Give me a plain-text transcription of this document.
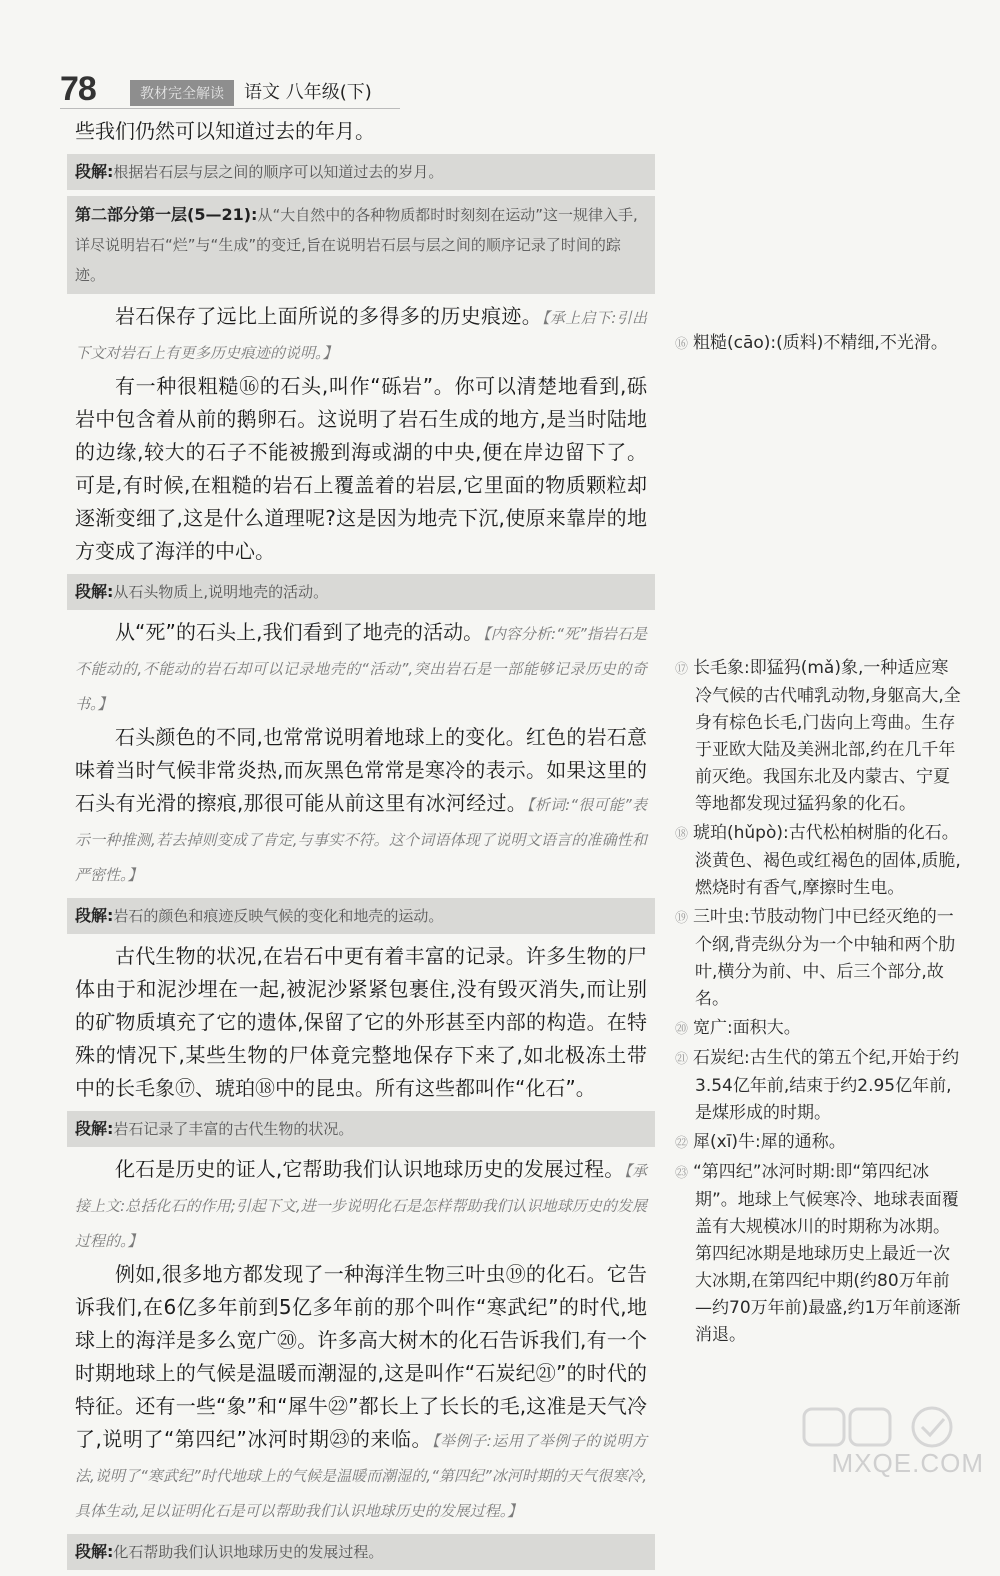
78	教材完全解读	语文 八年级(下)

些我们仍然可以知道过去的年月。

段解:根据岩石层与层之间的顺序可以知道过去的岁月。
第二部分第一层(5—21):从“大自然中的各种物质都时时刻刻在运动”这一规律入手,详尽说明岩石“烂”与“生成”的变迁,旨在说明岩石层与层之间的顺序记录了时间的踪迹。

岩石保存了远比上面所说的多得多的历史痕迹。【承上启下:引出下文对岩石上有更多历史痕迹的说明。】

有一种很粗糙⑯的石头,叫作“砾岩”。你可以清楚地看到,砾岩中包含着从前的鹅卵石。这说明了岩石生成的地方,是当时陆地的边缘,较大的石子不能被搬到海或湖的中央,便在岸边留下了。可是,有时候,在粗糙的岩石上覆盖着的岩层,它里面的物质颗粒却逐渐变细了,这是什么道理呢?这是因为地壳下沉,使原来靠岸的地方变成了海洋的中心。

段解:从石头物质上,说明地壳的活动。

从“死”的石头上,我们看到了地壳的活动。【内容分析:“死”指岩石是不能动的,不能动的岩石却可以记录地壳的“活动”,突出岩石是一部能够记录历史的奇书。】

石头颜色的不同,也常常说明着地球上的变化。红色的岩石意味着当时气候非常炎热,而灰黑色常常是寒冷的表示。如果这里的石头有光滑的擦痕,那很可能从前这里有冰河经过。【析词:“很可能”表示一种推测,若去掉则变成了肯定,与事实不符。这个词语体现了说明文语言的准确性和严密性。】

段解:岩石的颜色和痕迹反映气候的变化和地壳的运动。

古代生物的状况,在岩石中更有着丰富的记录。许多生物的尸体由于和泥沙埋在一起,被泥沙紧紧包裹住,没有毁灭消失,而让别的矿物质填充了它的遗体,保留了它的外形甚至内部的构造。在特殊的情况下,某些生物的尸体竟完整地保存下来了,如北极冻土带中的长毛象⑰、琥珀⑱中的昆虫。所有这些都叫作“化石”。

段解:岩石记录了丰富的古代生物的状况。

化石是历史的证人,它帮助我们认识地球历史的发展过程。【承接上文:总括化石的作用;引起下文,进一步说明化石是怎样帮助我们认识地球历史的发展过程的。】

例如,很多地方都发现了一种海洋生物三叶虫⑲的化石。它告诉我们,在6亿多年前到5亿多年前的那个叫作“寒武纪”的时代,地球上的海洋是多么宽广⑳。许多高大树木的化石告诉我们,有一个时期地球上的气候是温暖而潮湿的,这是叫作“石炭纪㉑”的时代的特征。还有一些“象”和“犀牛㉒”都长上了长长的毛,这准是天气冷了,说明了“第四纪”冰河时期㉓的来临。【举例子:运用了举例子的说明方法,说明了“寒武纪”时代地球上的气候是温暖而潮湿的,“第四纪”冰河时期的天气很寒冷,具体生动,足以证明化石是可以帮助我们认识地球历史的发展过程。】

段解:化石帮助我们认识地球历史的发展过程。

⑯ 粗糙(cāo):(质料)不精细,不光滑。

⑰ 长毛象:即猛犸(mǎ)象,一种适应寒冷气候的古代哺乳动物,身躯高大,全身有棕色长毛,门齿向上弯曲。生存于亚欧大陆及美洲北部,约在几千年前灭绝。我国东北及内蒙古、宁夏等地都发现过猛犸象的化石。

⑱ 琥珀(hǔpò):古代松柏树脂的化石。淡黄色、褐色或红褐色的固体,质脆,燃烧时有香气,摩擦时生电。

⑲ 三叶虫:节肢动物门中已经灭绝的一个纲,背壳纵分为一个中轴和两个肋叶,横分为前、中、后三个部分,故名。

⑳ 宽广:面积大。

㉑ 石炭纪:古生代的第五个纪,开始于约3.54亿年前,结束于约2.95亿年前,是煤形成的时期。

㉒ 犀(xī)牛:犀的通称。

㉓ “第四纪”冰河时期:即“第四纪冰期”。地球上气候寒冷、地球表面覆盖有大规模冰川的时期称为冰期。第四纪冰期是地球历史上最近一次大冰期,在第四纪中期(约80万年前—约70万年前)最盛,约1万年前逐渐消退。

MXQE.COM
